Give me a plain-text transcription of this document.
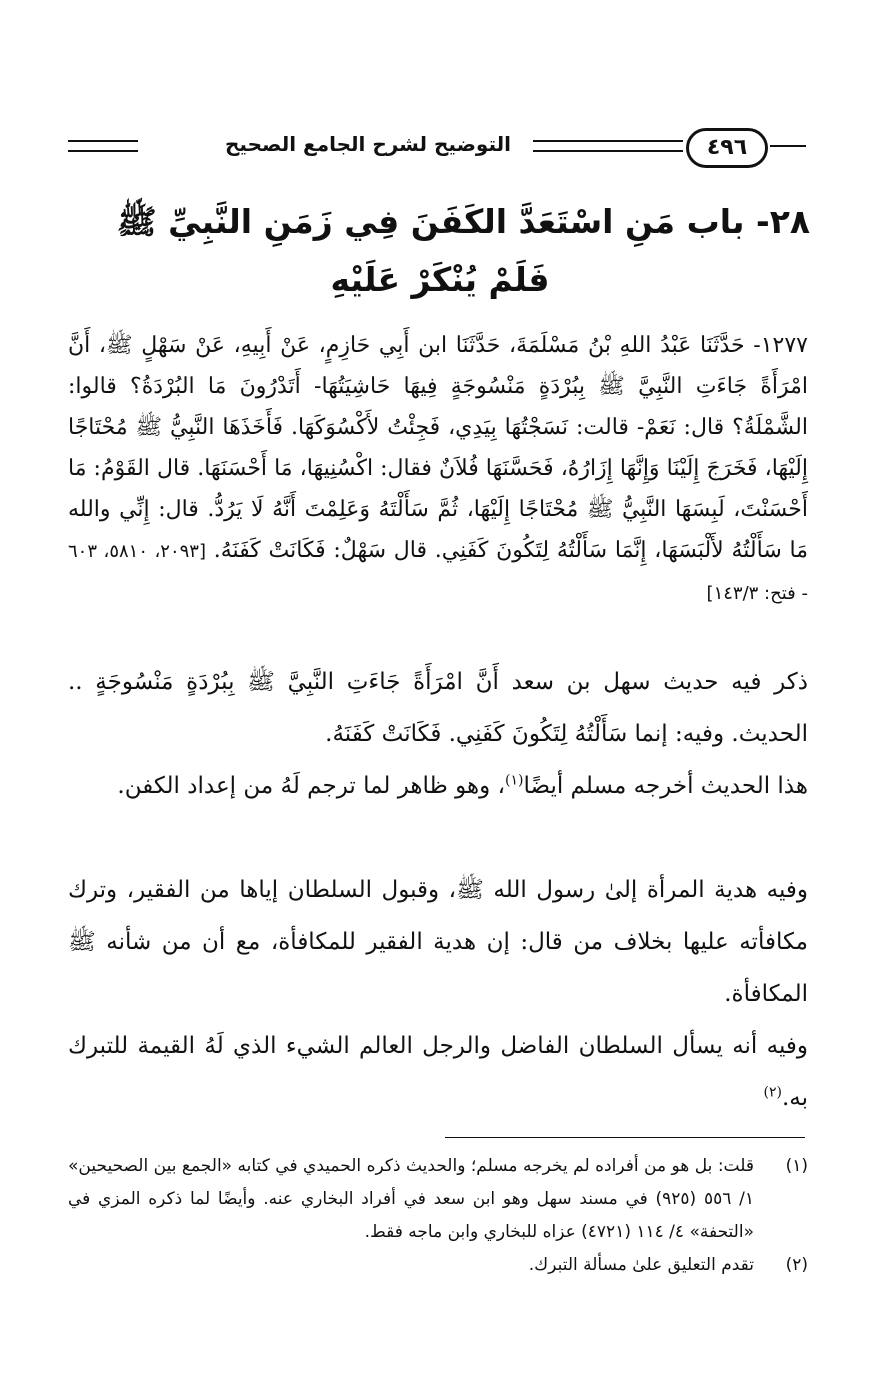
التوضيح لشرح الجامع الصحيح	٤٩٦
٢٨- باب مَنِ اسْتَعَدَّ الكَفَنَ فِي زَمَنِ النَّبِيِّ ﷺ
فَلَمْ يُنْكَرْ عَلَيْهِ
١٢٧٧- حَدَّثَنَا عَبْدُ اللهِ بْنُ مَسْلَمَةَ، حَدَّثَنَا ابن أَبِي حَازِمٍ، عَنْ أَبِيهِ، عَنْ سَهْلٍ ﷺ، أَنَّ امْرَأَةً جَاءَتِ النَّبِيَّ ﷺ بِبُرْدَةٍ مَنْسُوجَةٍ فِيهَا حَاشِيَتُهَا- أَتَدْرُونَ مَا البُرْدَةُ؟ قالوا: الشَّمْلَةُ؟ قال: نَعَمْ- قالت: نَسَجْتُهَا بِيَدِي، فَجِئْتُ لأَكْسُوَكَهَا. فَأَخَذَهَا النَّبِيُّ ﷺ مُحْتَاجًا إِلَيْهَا، فَخَرَجَ إِلَيْنَا وَإِنَّهَا إِزَارُهُ، فَحَسَّنَهَا فُلاَنٌ فقال: اكْسُنِيهَا، مَا أَحْسَنَهَا. قال القَوْمُ: مَا أَحْسَنْتَ، لَبِسَهَا النَّبِيُّ ﷺ مُحْتَاجًا إِلَيْهَا، ثُمَّ سَأَلْتَهُ وَعَلِمْتَ أَنَّهُ لَا يَرُدُّ. قال: إِنِّي والله مَا سَأَلْتُهُ لأَلْبَسَهَا، إِنَّمَا سَأَلْتُهُ لِتَكُونَ كَفَنِي. قال سَهْلٌ: فَكَانَتْ كَفَنَهُ. [٢٠٩٣، ٥٨١٠، ٦٠٣ - فتح: ١٤٣/٣]
ذكر فيه حديث سهل بن سعد أَنَّ امْرَأَةً جَاءَتِ النَّبِيَّ ﷺ بِبُرْدَةٍ مَنْسُوجَةٍ .. الحديث. وفيه: إنما سَأَلْتُهُ لِتَكُونَ كَفَنِي. فَكَانَتْ كَفَنَهُ.
هذا الحديث أخرجه مسلم أيضًا$^{(١)}$، وهو ظاهر لما ترجم لَهُ من إعداد الكفن.
وفيه هدية المرأة إلىٰ رسول الله ﷺ، وقبول السلطان إياها من الفقير، وترك مكافأته عليها بخلاف من قال: إن هدية الفقير للمكافأة، مع أن من شأنه ﷺ المكافأة.
وفيه أنه يسأل السلطان الفاضل والرجل العالم الشيء الذي لَهُ القيمة للتبرك به.$^{(٢)}$
(١)
قلت: بل هو من أفراده لم يخرجه مسلم؛ والحديث ذكره الحميدي في كتابه «الجمع بين الصحيحين» ١/ ٥٥٦ (٩٢٥) في مسند سهل وهو ابن سعد في أفراد البخاري عنه. وأيضًا لما ذكره المزي في «التحفة» ٤/ ١١٤ (٤٧٢١) عزاه للبخاري وابن ماجه فقط.
(٢)
تقدم التعليق علىٰ مسألة التبرك.
